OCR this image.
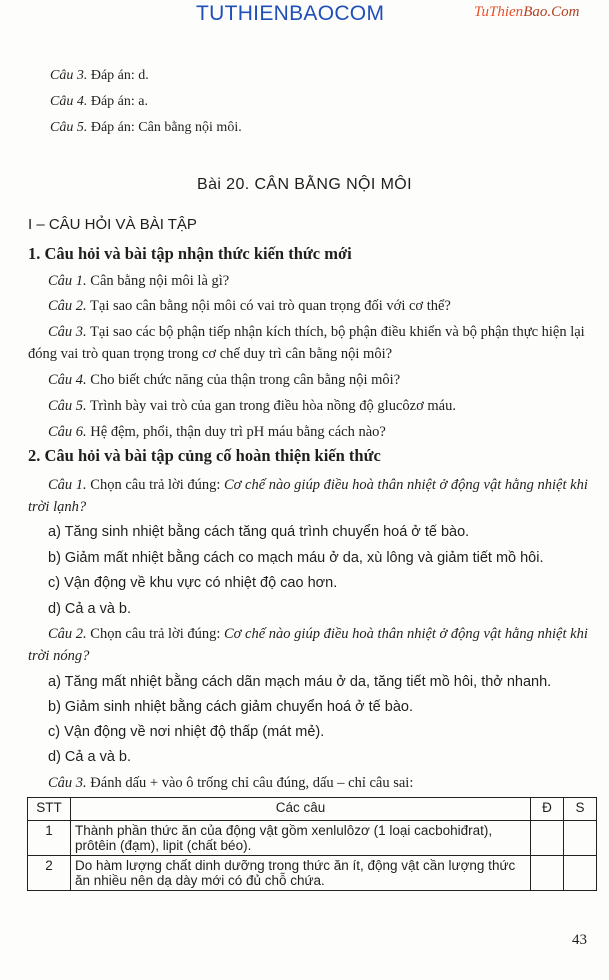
TUTHIENBAOCOM	TuThienBao.Com
Câu 3. Đáp án: d.
Câu 4. Đáp án: a.
Câu 5. Đáp án: Cân bằng nội môi.
Bài 20. CÂN BẰNG NỘI MÔI
I – CÂU HỎI VÀ BÀI TẬP
1. Câu hỏi và bài tập nhận thức kiến thức mới
Câu 1. Cân bằng nội môi là gì?
Câu 2. Tại sao cân bằng nội môi có vai trò quan trọng đối với cơ thể?
Câu 3. Tại sao các bộ phận tiếp nhận kích thích, bộ phận điều khiển và bộ phận thực hiện lại đóng vai trò quan trọng trong cơ chế duy trì cân bằng nội môi?
Câu 4. Cho biết chức năng của thận trong cân bằng nội môi?
Câu 5. Trình bày vai trò của gan trong điều hòa nồng độ glucôzơ máu.
Câu 6. Hệ đệm, phổi, thận duy trì pH máu bằng cách nào?
2. Câu hỏi và bài tập củng cố hoàn thiện kiến thức
Câu 1. Chọn câu trả lời đúng: Cơ chế nào giúp điều hoà thân nhiệt ở động vật hằng nhiệt khi trời lạnh?
a) Tăng sinh nhiệt bằng cách tăng quá trình chuyển hoá ở tế bào.
b) Giảm mất nhiệt bằng cách co mạch máu ở da, xù lông và giảm tiết mồ hôi.
c) Vận động về khu vực có nhiệt độ cao hơn.
d) Cả a và b.
Câu 2. Chọn câu trả lời đúng: Cơ chế nào giúp điều hoà thân nhiệt ở động vật hằng nhiệt khi trời nóng?
a) Tăng mất nhiệt bằng cách dãn mạch máu ở da, tăng tiết mồ hôi, thở nhanh.
b) Giảm sinh nhiệt bằng cách giảm chuyển hoá ở tế bào.
c) Vận động về nơi nhiệt độ thấp (mát mẻ).
d) Cả a và b.
Câu 3. Đánh dấu + vào ô trống chỉ câu đúng, dấu – chỉ câu sai:
STT	Các câu	Đ	S
1	Thành phần thức ăn của động vật gồm xenlulôzơ (1 loại cacbohiđrat), prôtêin (đạm), lipit (chất béo).		
2	Do hàm lượng chất dinh dưỡng trong thức ăn ít, động vật cần lượng thức ăn nhiều nên dạ dày mới có đủ chỗ chứa.		
43
